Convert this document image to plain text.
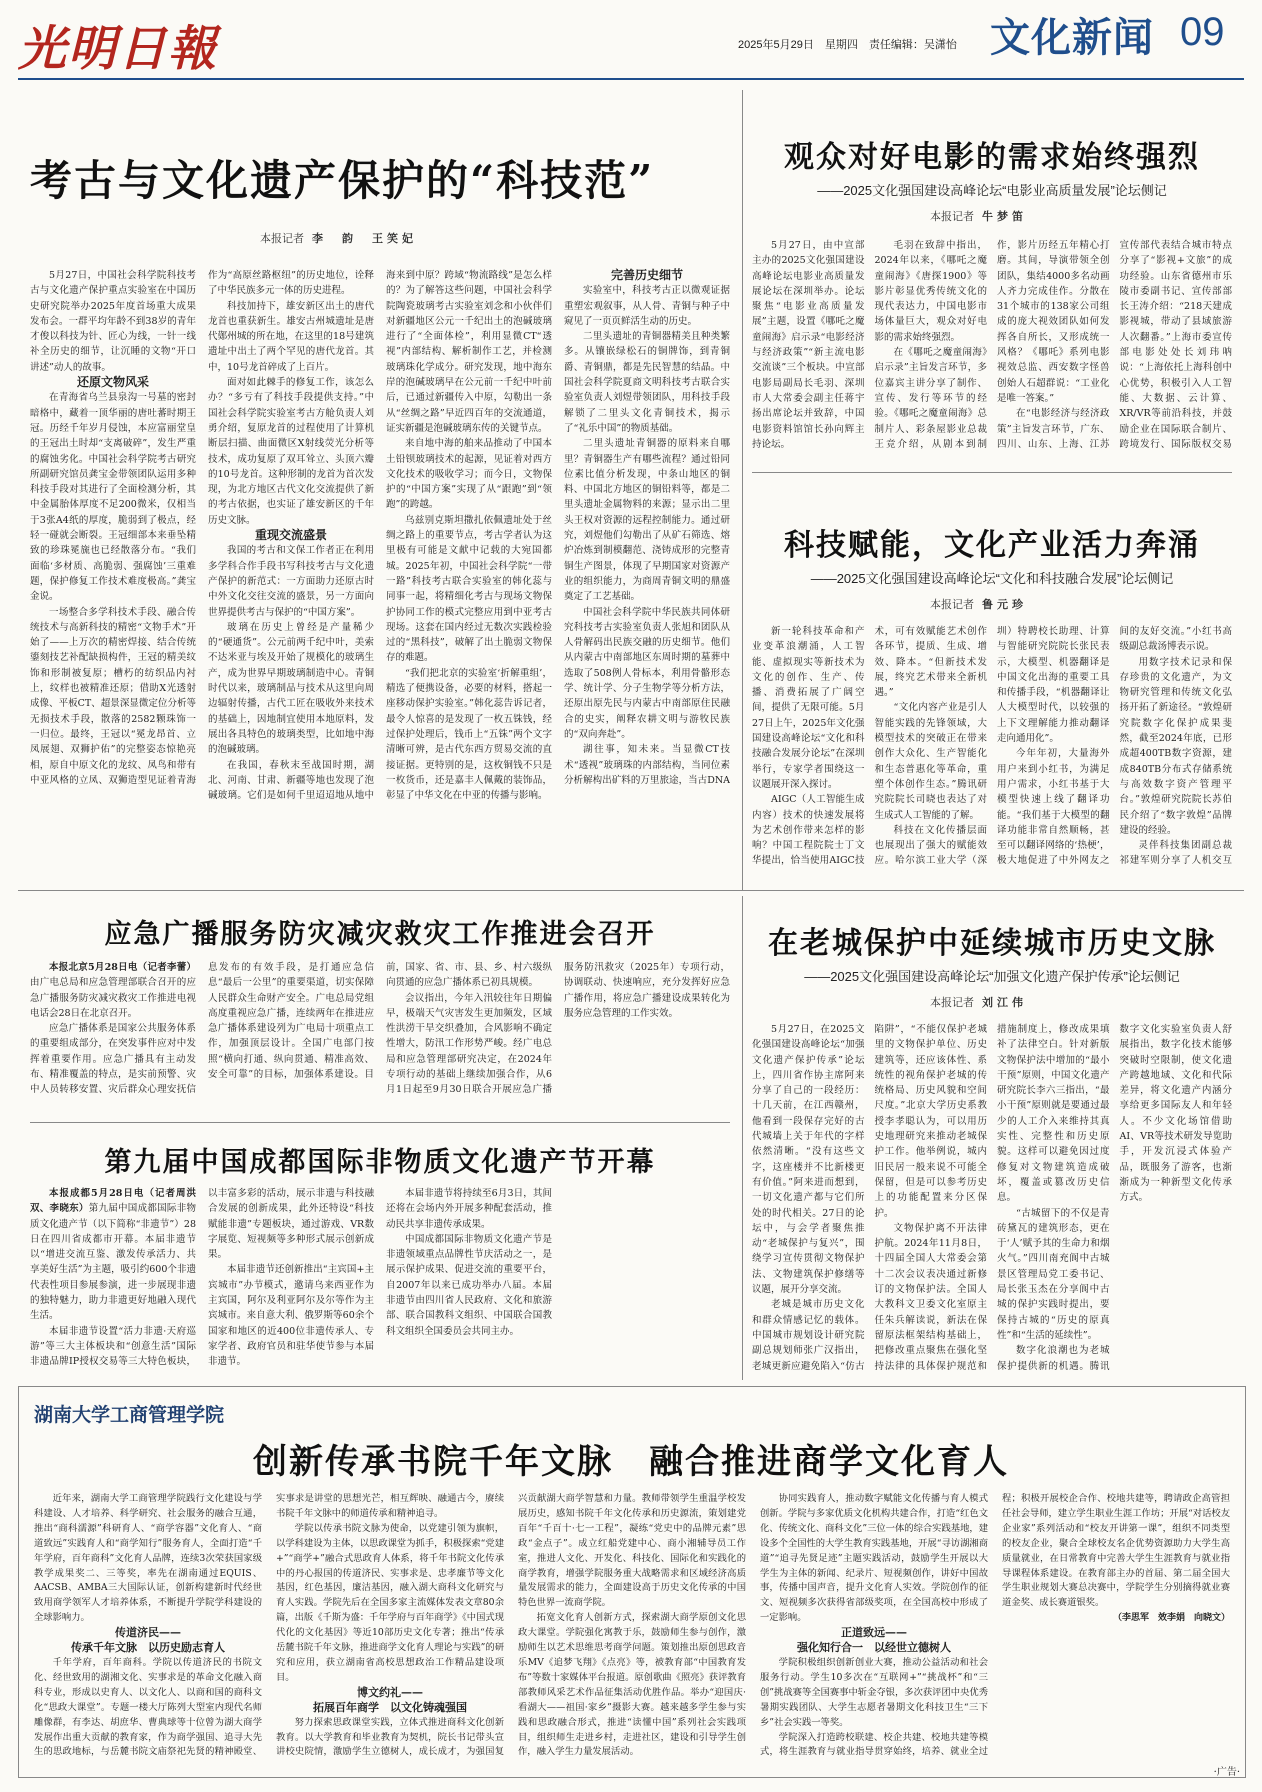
光明日報	2025年5月29日　星期四　责任编辑：吴潇怡 文化新闻 09
考古与文化遗产保护的“科技范”
本报记者 李　韵　王笑妃

5月27日，中国社会科学院科技考古与文化遗产保护重点实验室在中国历史研究院举办2025年度首场重大成果发布会。一群平均年龄不到38岁的青年才俊以科技为针、匠心为线，一针一线补全历史的细节，让沉睡的文物“开口讲述”动人的故事。

还原文物风采

在青海省乌兰县泉沟一号墓的密封暗格中，藏着一顶华丽的唐吐蕃时期王冠。历经千年岁月侵蚀，本应富丽堂皇的王冠出土时却“支离破碎”，发生严重的腐蚀劣化。中国社会科学院考古研究所副研究馆员龚宝金带领团队运用多种科技手段对其进行了全面检测分析，其中金属胎体厚度不足200微米，仅相当于3张A4纸的厚度，脆弱到了极点，经轻一碰就会断裂。王冠细部本来垂坠精致的珍珠冕旒也已经散落分布。“我们面临‘多材质、高脆弱、强腐蚀’三重难题，保护修复工作技术难度极高。”龚宝金说。

一场整合多学科技术手段、融合传统技术与高新科技的精密“文物手术”开始了——上万次的精密焊接、结合传统鎏刻技艺补配缺损构件，王冠的精美纹饰和形制被复原；槽朽的纺织品内衬上，纹样也被精准还原；借助X光透射成像、平板CT、超景深显微定位分析等无损技术手段，散落的2582颗珠饰一一归位。最终，王冠以“冕龙昂首、立凤展翅、双狮护佑”的完整姿态惊艳亮相，原自中原文化的龙纹、凤鸟和带有中亚风格的立凤、双狮造型见证着青海作为“高原丝路枢纽”的历史地位，诠释了中华民族多元一体的历史进程。

科技加持下，雄安新区出土的唐代龙首也重获新生。雄安古州城遗址是唐代鄚州城的所在地，在这里的18号建筑遗址中出土了两个罕见的唐代龙首。其中，10号龙首碎成了上百片。

面对如此棘手的修复工作，该怎么办？“多亏有了科技手段提供支持。”中国社会科学院实验室考古方舱负责人刘勇介绍，复原龙首的过程使用了计算机断层扫描、曲面微区X射线荧光分析等技术，成功复原了双耳耸立、头顶六瓣的10号龙首。这种形制的龙首为首次发现，为北方地区古代文化交流提供了新的考古依据，也实证了雄安新区的千年历史文脉。

重现交流盛景

我国的考古和文保工作者正在利用多学科合作手段书写科技考古与文化遗产保护的新范式：一方面助力还原古时中外文化交往交流的盛景，另一方面向世界提供考古与保护的“中国方案”。

玻璃在历史上曾经是产量稀少的“硬通货”。公元前两千纪中叶，美索不达米亚与埃及开始了规模化的玻璃生产，成为世界早期玻璃制造中心。青铜时代以来，玻璃制品与技术从这里向周边辐射传播，古代工匠在吸收外来技术的基础上，因地制宜使用本地原料，发展出各具特色的玻璃类型，比如地中海的泡碱玻璃。

在我国，春秋末至战国时期，湖北、河南、甘肃、新疆等地也发现了泡碱玻璃。它们是如何千里迢迢地从地中海来到中原？跨域“物流路线”是怎么样的？为了解答这些问题，中国社会科学院陶瓷玻璃考古实验室刘念和小伙伴们对新疆地区公元一千纪出土的泡碱玻璃进行了“全面体检”，利用显微CT“透视”内部结构、解析制作工艺，并检测玻璃珠化学成分。研究发现，地中海东岸的泡碱玻璃早在公元前一千纪中叶前后，已通过新疆传入中原，勾勒出一条从“丝绸之路”早近四百年的交流通道，证实新疆是泡碱玻璃东传的关键节点。

来自地中海的舶来品推动了中国本土铅钡玻璃技术的起源，见证着对西方文化技术的吸收学习；而今日，文物保护的“中国方案”实现了从“跟跑”到“领跑”的跨越。

乌兹别克斯坦撒扎依佩遗址处于丝绸之路上的重要节点，考古学者认为这里极有可能是文献中记载的大宛国都城。2025年初，中国社会科学院“一带一路”科技考古联合实验室的韩化蕊与同事一起，将精细化考古与现场文物保护协同工作的模式完整应用到中亚考古现场。这套在国内经过无数次实践检验过的“黑科技”，破解了出土脆弱文物保存的难题。

“我们把北京的实验室‘折解重组’，精选了便携设备，必要的材料，搭起一座移动保护实验室。”韩化蕊告诉记者，最令人惊喜的是发现了一枚五铢钱，经过保护处理后，钱币上“五铢”两个文字清晰可辨，是古代东西方贸易交流的直接证据。更特别的是，这枚铜钱不只是一枚货币，还是嘉丰人佩戴的装饰品，彰显了中华文化在中亚的传播与影响。

完善历史细节

实验室中，科技考古正以微观证据重塑宏观叙事，从人骨、青铜与种子中窥见了一页页鲜活生动的历史。

二里头遗址的青铜器精美且种类繁多。从镶嵌绿松石的铜牌饰，到青铜爵、青铜鼎，都是先民智慧的结晶。中国社会科学院夏商文明科技考古联合实验室负责人刘煜带领团队，用科技手段解锁了二里头文化青铜技术，揭示了“礼乐中国”的物质基础。

二里头遗址青铜器的原料来自哪里？青铜器生产有哪些流程？通过铅同位素比值分析发现，中条山地区的铜料、中国北方地区的铜铅料等，都是二里头遗址金属物料的来源；显示出二里头王权对资源的远程控制能力。通过研究，刘煜他们勾勒出了从矿石筛选、熔炉冶炼到制模翻范、浇铸成形的完整青铜生产图景，体现了早期国家对资源产业的组织能力，为商周青铜文明的鼎盛奠定了工艺基础。

中国社会科学院中华民族共同体研究科技考古实验室负责人张旭和团队从人骨解码出民族交融的历史细节。他们从内蒙古中南部地区东周时期的墓葬中选取了508例人骨标本，利用骨骼形态学、统计学、分子生物学等分析方法，还原出原先民与内蒙古中南部原住民融合的史实，阐释农耕文明与游牧民族的“双向奔赴”。

湖往事，知未来。当显微CT技术“透视”玻璃珠的内部结构，当同位素分析解构出矿料的万里旅途，当古DNA

观众对好电影的需求始终强烈
——2025文化强国建设高峰论坛“电影业高质量发展”论坛侧记
本报记者 牛梦笛

5月27日，由中宣部主办的2025文化强国建设高峰论坛电影业高质量发展论坛在深圳举办。论坛聚焦“电影业高质量发展”主题，设置《哪吒之魔童闹海》启示录“电影经济与经济政策”“新主流电影交流谈”三个板块。中宣部电影局副局长毛羽、深圳市人大常委会副主任蒋宇扬出席论坛并致辞，中国电影资料馆馆长孙向辉主持论坛。

毛羽在致辞中指出，2024年以来，《哪吒之魔童闹海》《唐探1900》等影片彰显优秀传统文化的现代表达力，中国电影市场体量巨大，观众对好电影的需求始终强烈。

在《哪吒之魔童闹海》启示录”主旨发言环节，多位嘉宾主讲分享了制作、宣传、发行等环节的经验。《哪吒之魔童闹海》总制片人、彩条屋影业总裁王竞介绍，从剧本到制作，影片历经五年精心打磨。其间，导演带领全创团队，集结4000多名动画人齐力完成佳作。分散在31个城市的138家公司组成的庞大视效团队如何发挥各自所长，又形成统一风格？《哪吒》系列电影视效总监、西安数字怪兽创始人石超群说：“工业化是唯一答案。”

在“电影经济与经济政策”主旨发言环节，广东、四川、山东、上海、江苏宣传部代表结合城市特点分享了“影视+文旅”的成功经验。山东省德州市乐陵市委副书记、宣传部部长王涛介绍：“218天建成影视城，带动了县域旅游人次翻番。”上海市委宣传部电影处处长刘玮呐说：“上海依托上海科创中心优势，积极引入人工智能、大数据、云计算、XR/VR等前沿科技，并鼓励企业在国际联合制片、跨境发行、国际版权交易

科技赋能，文化产业活力奔涌
——2025文化强国建设高峰论坛“文化和科技融合发展”论坛侧记
本报记者 鲁元珍

新一轮科技革命和产业变革浪潮涌，人工智能、虚拟现实等新技术为文化的创作、生产、传播、消费拓展了广阔空间，提供了无限可能。5月27日上午，2025年文化强国建设高峰论坛“文化和科技融合发展分论坛”在深圳举行，专家学者围绕这一议题展开深入探讨。

AIGC（人工智能生成内容）技术的快速发展将为艺术创作带来怎样的影响？中国工程院院士丁文华提出，恰当使用AIGC技术，可有效赋能艺术创作各环节，提质、生成、增效、降本。“但新技术发展，终究艺术带来全新机遇。”

“文化内容产业是引人智能实践的先锋领域，大模型技术的突破正在带来创作大众化、生产智能化和生态普惠化等革命，重塑个体创作生态。”腾讯研究院院长司晓也表达了对生成式人工智能的了解。

科技在文化传播层面也展现出了强大的赋能效应。哈尔滨工业大学（深圳）特聘校长助理、计算与智能研究院院长张民表示，大模型、机器翻译是中国文化出海的重要工具和传播手段，“机器翻译让人大模型时代，以较强的上下文理解能力推动翻译走向通用化”。

今年年初，大量海外用户来到小红书，为满足用户需求，小红书基于大模型快速上线了翻译功能。“我们基于大模型的翻译功能非常自然顺畅，甚至可以翻译网络的‘热梗’，极大地促进了中外网友之间的友好交流。”小红书高级副总裁汤博表示说。

用数字技术记录和保存珍贵的文化遗产，为文物研究管理和传统文化弘扬开拓了新途径。“敦煌研究院数字化保护成果斐然，截至2024年底，已形成超400TB数字资源，建成840TB分布式存储系统与高效数字资产管理平台。”敦煌研究院院长苏伯民介绍了“数字敦煌”品牌建设的经验。

灵伴科技集团副总裁祁建军则分享了人机交互

应急广播服务防灾减灾救灾工作推进会召开

本报北京5月28日电（记者李蕾）由广电总局和应急管理部联合召开的应急广播服务防灾减灾救灾工作推进电视电话会28日在北京召开。

应急广播体系是国家公共服务体系的重要组成部分，在突发事件应对中发挥着重要作用。应急广播具有主动发布、精准覆盖的特点，是实前预警、灾中人员转移安置、灾后群众心理安抚信息发布的有效手段，是打通应急信息“最后一公里”的重要渠道，切实保障人民群众生命财产安全。广电总局党组高度重视应急广播，连续两年在推进应急广播体系建设列为广电局十项重点工作，加强顶层设计。全国广电部门按照“横向打通、纵向贯通、精准高效、安全可靠”的目标，加强体系建设。目前，国家、省、市、县、乡、村六级纵向贯通的应急广播体系已初具规模。

会议指出，今年入汛较往年日期偏早，极端天气灾害发生更加频发，区域性洪涝干旱交织叠加，合风影响不确定性增大，防汛工作形势严峻。经广电总局和应急管理部研究决定，在2024年专项行动的基础上继续加强合作，从6月1日起至9月30日联合开展应急广播服务防汛救灾（2025年）专项行动，协调联动、快速响应，充分发挥好应急广播作用，将应急广播建设成果转化为服务应急管理的工作实效。

第九届中国成都国际非物质文化遗产节开幕

本报成都5月28日电（记者周洪双、李晓东）第九届中国成都国际非物质文化遗产节（以下简称“非遗节”）28日在四川省成都市开幕。本届非遗节以“增进交流互鉴、激发传承活力、共享美好生活”为主题，吸引约600个非遗代表性项目参展参演，进一步展现非遗的独特魅力，助力非遗更好地融入现代生活。

本届非遗节设置“活力非遗·天府巡游”等三大主体板块和“创意生活”国际非遗品牌IP授权交易等三大特色板块，以丰富多彩的活动，展示非遗与科技融合发展的创新成果，此外还特设“科技赋能非遗”专题板块，通过游戏、VR数字展览、短视频等多种形式展示创新成果。

本届非遗节还创新推出“主宾国+主宾城市”办节模式，邀请乌来西亚作为主宾国，阿尔及利亚阿尔及尔等作为主宾城市。来自意大利、俄罗斯等60余个国家和地区的近400位非遗传承人、专家学者、政府官员和驻华使节参与本届非遗节。

本届非遗节将持续至6月3日，其间还将在会场内外开展多种配套活动，推动民共享非遗传承成果。

中国成都国际非物质文化遗产节是非遗领域重点品牌性节庆活动之一，是展示保护成果、促进交流的重要平台，自2007年以来已成功举办八届。本届非遗节由四川省人民政府、文化和旅游部、联合国教科文组织、中国联合国教科文组织全国委员会共同主办。

在老城保护中延续城市历史文脉
——2025文化强国建设高峰论坛“加强文化遗产保护传承”论坛侧记
本报记者 刘江伟

5月27日，在2025文化强国建设高峰论坛“加强文化遗产保护传承”论坛上，四川省作协主席阿来分享了自己的一段经历：十几天前，在江西赣州，他看到一段保存完好的古代城墙上关于年代的字样依然清晰。“没有这些文字，这座楼并不比新楼更有价值。”阿来进而想到，一切文化遗产都与它们所处的时代相关。27日的论坛中，与会学者聚焦推动“老城保护与复兴”，围绕学习宣传贯彻文物保护法、文物建筑保护修缮等议题，展开分享交流。

老城是城市历史文化和群众情感记忆的载体。中国城市规划设计研究院副总规划师张广汉指出，老城更新应避免陷入“仿古陷阱”，“不能仅保护老城里的文物保护单位、历史建筑等，还应该体性、系统性的视角保护老城的传统格局、历史风貌和空间尺度。”北京大学历史系教授李孝聪认为，可以用历史地理研究来推动老城保护工作。他举例说，城内旧民居一般来说不可能全保留，但是可以参考历史上的功能配置来分区保护。

文物保护离不开法律护航。2024年11月8日，十四届全国人大常委会第十二次会议表决通过新修订的文物保护法。全国人大教科文卫委文化室原主任朱兵解读说，新法在保留原法框架结构基础上，把修改重点聚焦在强化坚持法律的具体保护规范和措施制度上，修改成果填补了法律空白。针对新版文物保护法中增加的“最小干预”原则，中国文化遗产研究院长李六三指出，“最小干预”原则就是要通过最少的人工介入来维持其真实性、完整性和历史原貌。这样可以避免因过度修复对文物建筑造成破坏，覆盖或篡改历史信息。

“古城留下的不仅是青砖黛瓦的建筑形态，更在于‘人’赋予其的生命力和烟火气。”四川南充阆中古城景区管理局党工委书记、局长张玉杰在分享阆中古城的保护实践时提出，要保持古城的“历史的原真性”和“生活的延续性”。

数字化浪潮也为老城保护提供新的机遇。腾讯数字文化实验室负责人舒展指出，数字化技术能够突破时空限制，使文化遗产跨越地域、文化和代际差异，将文化遗产内涵分享给更多国际友人和年轻人。不少文化场馆借助AI、VR等技术研发导览助手，开发沉浸式体验产品，既服务了游客，也渐渐成为一种新型文化传承方式。

湖南大学工商管理学院
创新传承书院千年文脉　融合推进商学文化育人

近年来，湖南大学工商管理学院践行文化建设与学科建设、人才培养、科学研究、社会服务的融合互通，推出“商科濡源”科研育人、“商学容器”文化育人、“商道致远”实践育人和“商学知行”服务育人，全面打造“千年学府，百年商科”文化育人品牌，连续3次荣获国家级教学成果奖二、三等奖，率先在湖南通过EQUIS、AACSB、AMBA三大国际认证，创新构建新时代经世致用商学领军人才培养体系，不断提升学院学科建设的全球影响力。

传道济民——

传承千年文脉　以历史励志育人

千年学府，百年商科。学院以传道济民的书院文化、经世致用的湖湘文化、实事求是的革命文化融入商科专业，形成以史育人、以文化人、以商和国的商科文化“思政大课堂”。专题一楼大厅陈列大型室内现代名师雕像群，有李达、胡庶华、曹典球等十位曾为湖大商学发展作出重大贡献的教育家，作为商学强国、追寻大先生的思政地标，与岳麓书院文庙祭祀先贤的精神殿堂、实事求是讲堂的思想光芒，相互辉映、融通古今，赓续书院千年文脉中的师道传承和精神追寻。

学院以传承书院文脉为使命，以党建引领为旗帜，以学科建设为主体，以思政课堂为抓手，积极探索“党建+”“商学+”融合式思政育人体系，将千年书院文化传承中的丹心报国的传道济民、实事求是、忠孝廉节等文化基因，红色基因，廉洁基因，融入湖大商科文化研究与育人实践。学院先后在全国多家主流媒体发表文章80余篇，出版《千斯为盛：千年学府与百年商学》《中国式现代化的文化基因》等近10部历史文化专著；推出“传承岳麓书院千年文脉，推进商学文化育人理论与实践”的研究和应用，获立湖南省高校思想政治工作精品建设项目。

博文约礼——

拓展百年商学　以文化铸魂强国

努力探索思政课堂实践，立体式推进商科文化创新教育。以大学教育和毕业教育为契机，院长书记带头宣讲校史院情，激励学生立德树人，成长成才，为强国复兴贡献湖大商学智慧和力量。教师带领学生重温学校发展历史，感知书院千年文化传承和历史源流，策划建党百年“千百十·七一工程”，凝练“党史中的品牌元素”思政“金点子”。成立红船党建中心、商小湘辅导员工作室，推进人文化、开发化、科技化、国际化和实践化的商学教育，增强学院服务重大战略需求和区域经济高质量发展需求的能力，全面建设高于历史文化传承的中国特色世界一流商学院。

拓宽文化育人创新方式，探索湖大商学原创文化思政大课堂。学院强化寓教于乐，鼓励师生参与创作，激励师生以艺术思维思考商学问题。策划推出原创思政音乐MV《追梦飞翔》《点亮》等，被教育部“中国教育发布”等数十家媒体平台报道。原创歌曲《照亮》获评教育部教师风采艺术作品征集活动优胜作品。举办“迎国庆·看湖大——祖国·家乡”摄影大赛。越来越多学生参与实践和思政融合形式，推进“读懂中国”系列社会实践项目，组织师生走进乡村，走进社区，建设和引导学生创作，融入学生力量发展活动。

协同实践育人，推动数字赋能文化传播与育人模式创新。学院与多家优质文化机构共建合作，打造“红色文化、传统文化、商科文化”三位一体的综合实践基地，建设多个全国性的大学生教育实践基地，开展“寻访湖湘商道”“追寻先贤足迹”主题实践活动，鼓励学生开展以大学生为主体的新闻、纪录片、短视频创作，讲好中国故事，传播中国声音，提升文化育人实效。学院创作的征文、短视频多次获得省部级奖项，在全国高校中形成了一定影响。

正道致远——

强化知行合一　以经世立德树人

学院积极组织创新创业大赛，推动公益活动和社会服务行动。学生10多次在“互联网+”“挑战杯”和“三创”挑战赛等全国赛事中斩金夺银，多次获评团中央优秀暑期实践团队、大学生志愿者暑期文化科技卫生“三下乡”社会实践一等奖。

学院深入打造跨校联建、校企共建、校地共建等模式，将生涯教育与就业指导贯穿始终，培养、就业全过程；积极开展校企合作、校地共建等，聘请政企高管担任社会导师，建立学生职业生涯工作坊；开展“对话校友企业家”系列活动和“校友开讲第一课”，组织不同类型的校友企业，聚合全球校友名企优势资源助力大学生高质量就业，在日常教育中完善大学生生涯教育与就业指导课程体系建设。在教育部主办的首届、第二届全国大学生职业规划大赛总决赛中，学院学生分别摘得就业赛道金奖、成长赛道银奖。

（李思军　效李娟　向晓文）

·广告·
